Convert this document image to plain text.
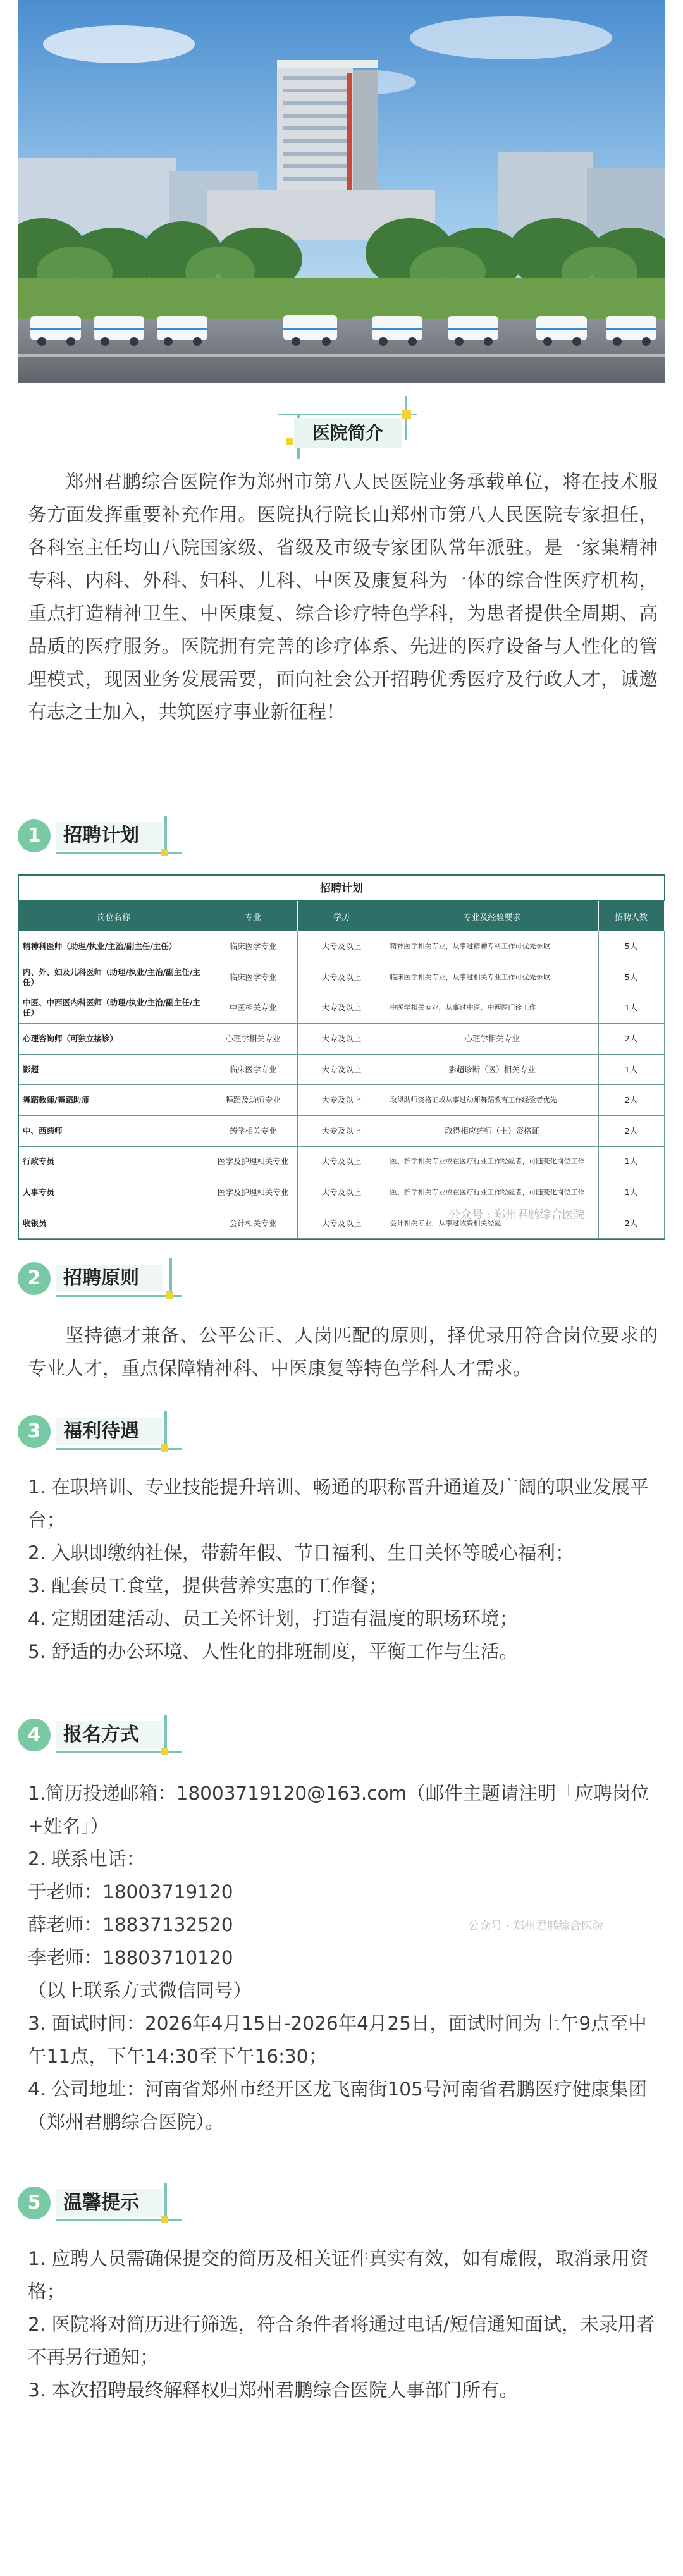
医院简介
郑州君鹏综合医院作为郑州市第八人民医院业务承载单位，将在技术服务方面发挥重要补充作用。医院执行院长由郑州市第八人民医院专家担任，各科室主任均由八院国家级、省级及市级专家团队常年派驻。是一家集精神专科、内科、外科、妇科、儿科、中医及康复科为一体的综合性医疗机构，重点打造精神卫生、中医康复、综合诊疗特色学科，为患者提供全周期、高品质的医疗服务。医院拥有完善的诊疗体系、先进的医疗设备与人性化的管理模式，现因业务发展需要，面向社会公开招聘优秀医疗及行政人才，诚邀有志之士加入，共筑医疗事业新征程！
1	招聘计划
招聘计划
岗位名称	专业	学历	专业及经验要求	招聘人数
精神科医师（助理/执业/主治/副主任/主任）	临床医学专业	大专及以上	精神医学相关专业，从事过精神专科工作可优先录取	5人
内、外、妇及儿科医师（助理/执业/主治/副主任/主任）	临床医学专业	大专及以上	临床医学相关专业，从事过相关专业工作可优先录取	5人
中医、中西医内科医师（助理/执业/主治/副主任/主任）	中医相关专业	大专及以上	中医学相关专业，从事过中医、中西医门诊工作	1人
心理咨询师（可独立接诊）	心理学相关专业	大专及以上	心理学相关专业	2人
影超	临床医学专业	大专及以上	影超诊断（医）相关专业	1人
舞蹈教师/舞蹈助师	舞蹈及助师专业	大专及以上	取得助师资格证或从事过幼师舞蹈教育工作经验者优先	2人
中、西药师	药学相关专业	大专及以上	取得相应药师（士）资格证	2人
行政专员	医学及护理相关专业	大专及以上	医、护学相关专业或在医疗行业工作经验者，可随变化岗位工作	1人
人事专员	医学及护理相关专业	大专及以上	医、护学相关专业或在医疗行业工作经验者，可随变化岗位工作	1人
收银员	会计相关专业	大专及以上	会计相关专业，从事过收费相关经验	2人
公众号 · 郑州君鹏综合医院
2	招聘原则
坚持德才兼备、公平公正、人岗匹配的原则，择优录用符合岗位要求的专业人才，重点保障精神科、中医康复等特色学科人才需求。
3	福利待遇
1. 在职培训、专业技能提升培训、畅通的职称晋升通道及广阔的职业发展平台；
2. 入职即缴纳社保，带薪年假、节日福利、生日关怀等暖心福利；
3. 配套员工食堂，提供营养实惠的工作餐；
4. 定期团建活动、员工关怀计划，打造有温度的职场环境；
5. 舒适的办公环境、人性化的排班制度，平衡工作与生活。
4	报名方式
1.简历投递邮箱：18003719120@163.com（邮件主题请注明「应聘岗位+姓名」）
2. 联系电话：
于老师：18003719120
薛老师：18837132520
李老师：18803710120
（以上联系方式微信同号）
3. 面试时间：2026年4月15日-2026年4月25日，面试时间为上午9点至中午11点，下午14:30至下午16:30；
4. 公司地址：河南省郑州市经开区龙飞南街105号河南省君鹏医疗健康集团（郑州君鹏综合医院）。
公众号 · 郑州君鹏综合医院
5	温馨提示
1. 应聘人员需确保提交的简历及相关证件真实有效，如有虚假，取消录用资格；
2. 医院将对简历进行筛选，符合条件者将通过电话/短信通知面试，未录用者不再另行通知；
3. 本次招聘最终解释权归郑州君鹏综合医院人事部门所有。
